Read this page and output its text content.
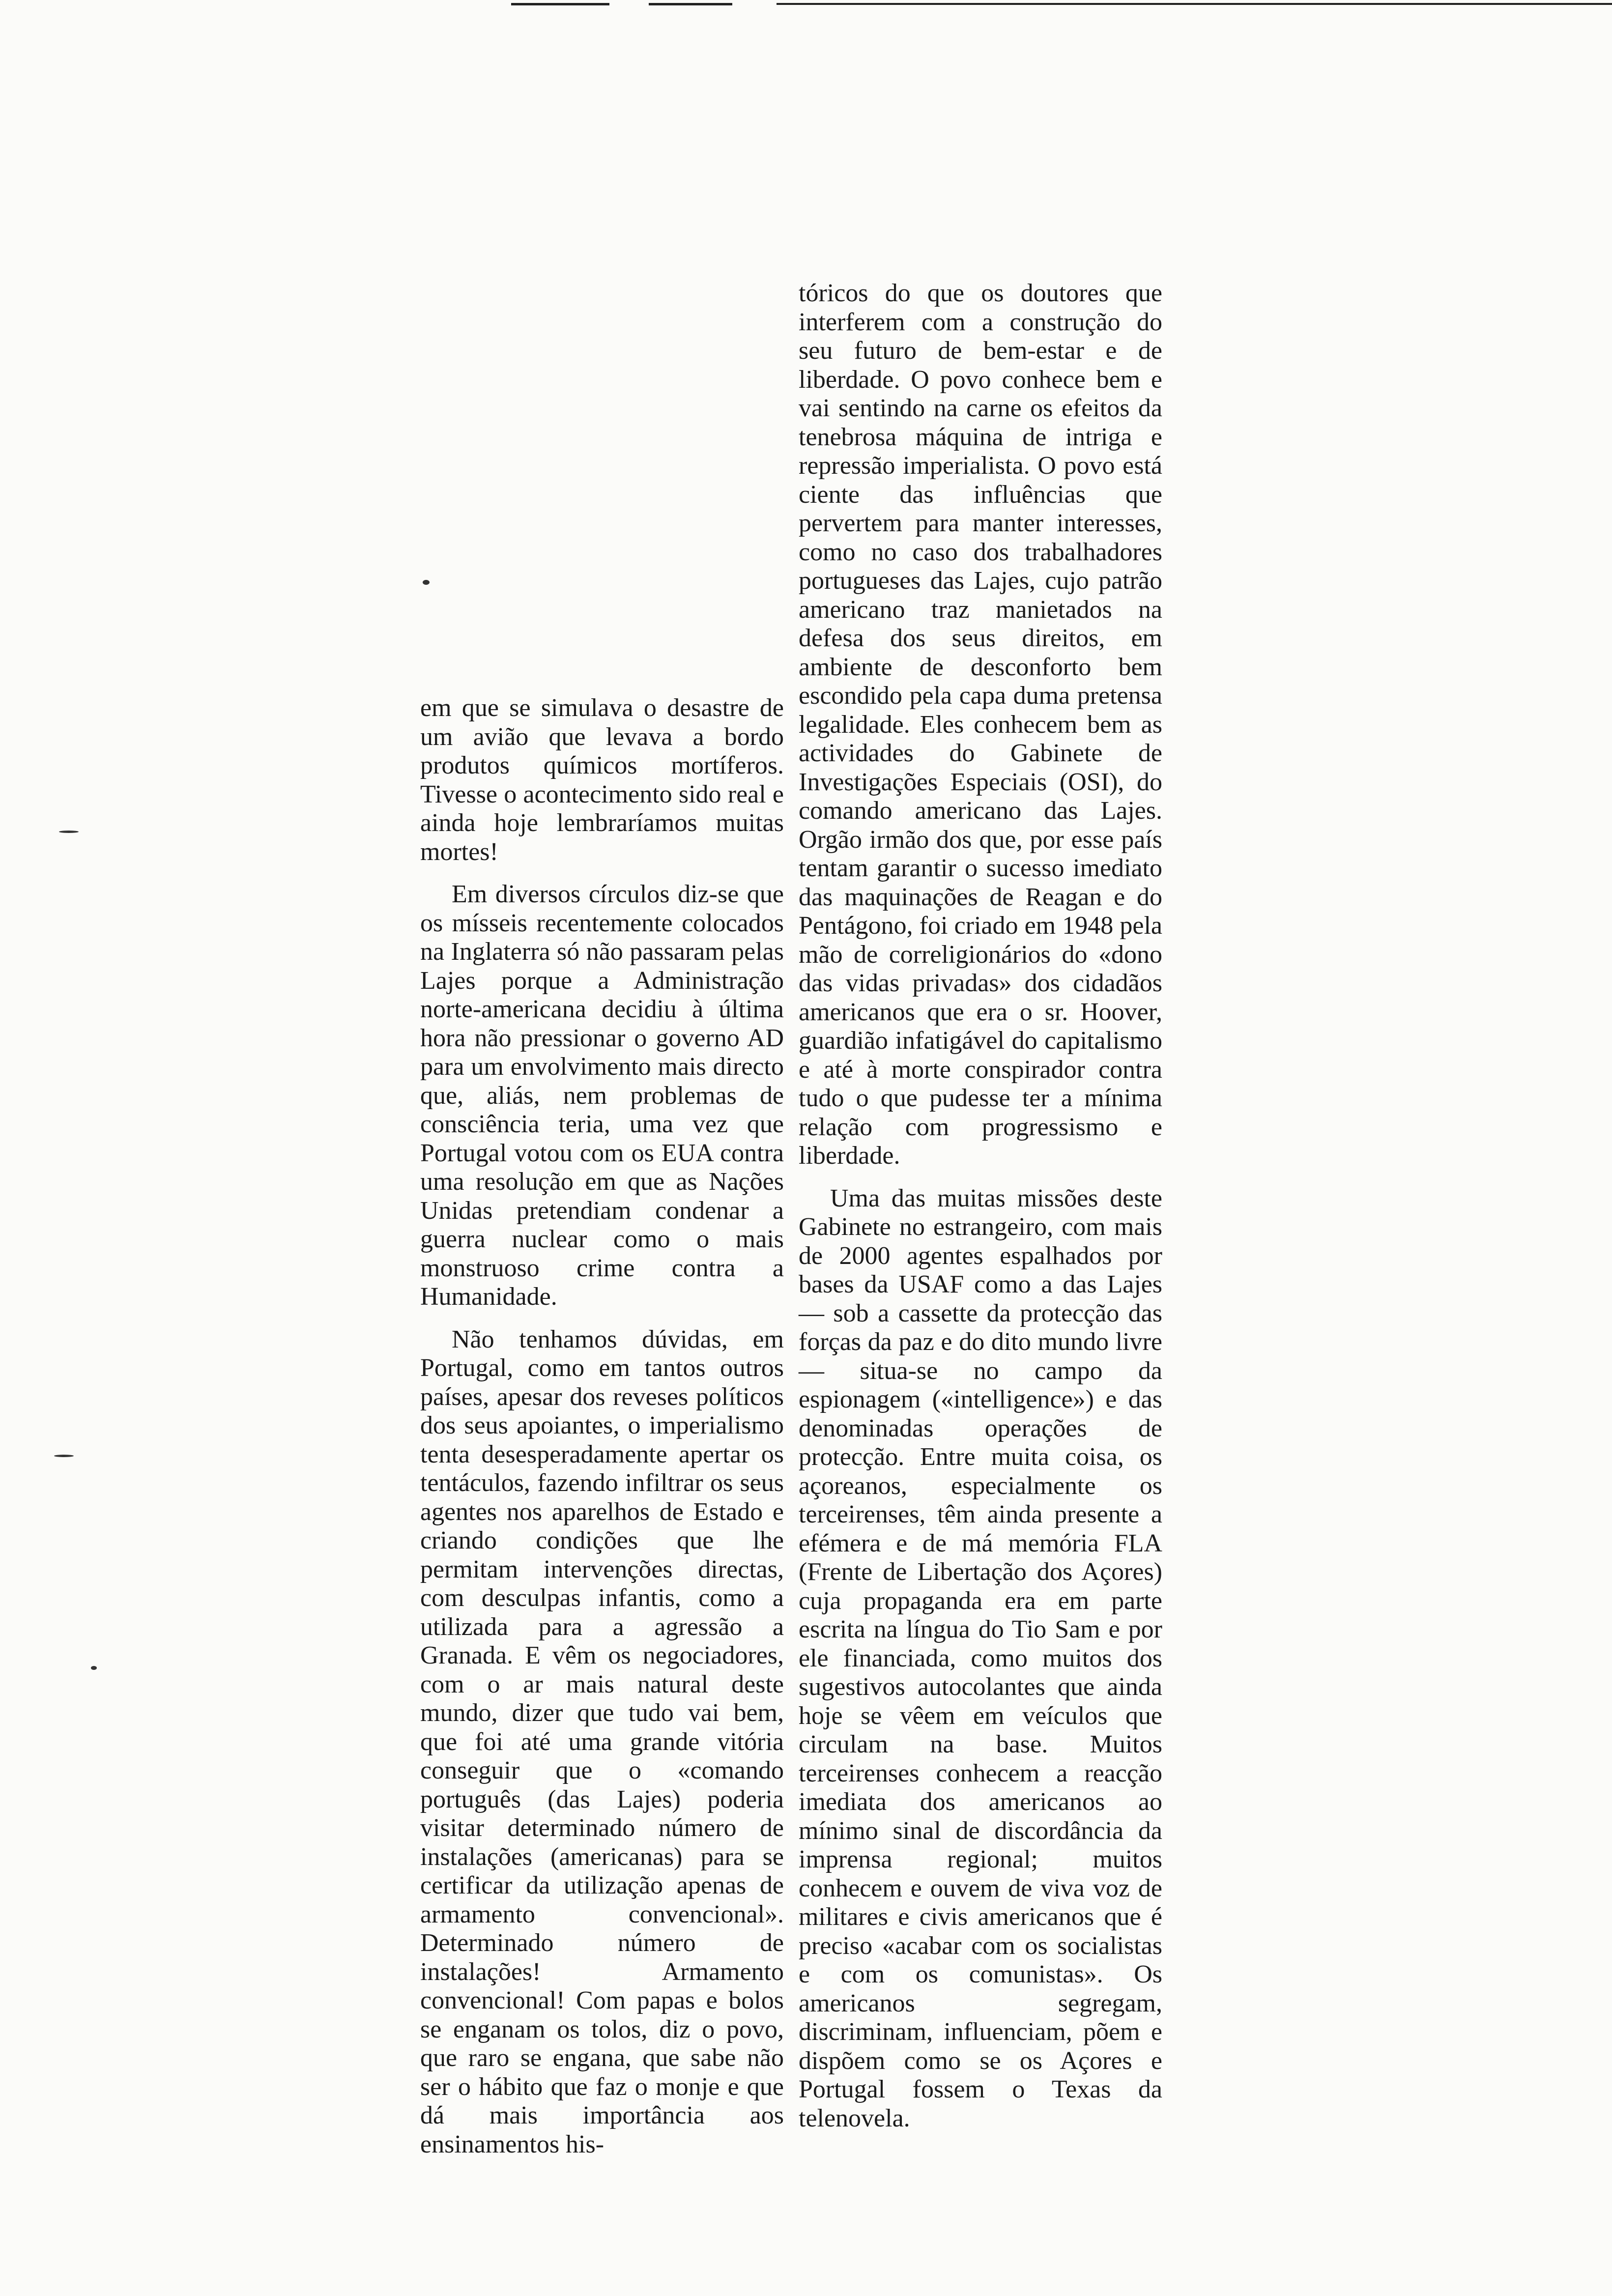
em que se simulava o desastre de um avião que levava a bordo produtos químicos mortíferos. Tivesse o acontecimento sido real e ainda hoje lembraríamos muitas mortes!

Em diversos círculos diz-se que os mísseis recentemente colocados na Inglaterra só não passaram pelas Lajes porque a Administração norte-americana decidiu à última hora não pressionar o governo AD para um envolvimento mais directo que, aliás, nem problemas de consciência teria, uma vez que Portugal votou com os EUA contra uma resolução em que as Nações Unidas pretendiam condenar a guerra nuclear como o mais monstruoso crime contra a Humanidade.

Não tenhamos dúvidas, em Portugal, como em tantos outros países, apesar dos reveses políticos dos seus apoiantes, o imperialismo tenta desesperadamente apertar os tentáculos, fazendo infiltrar os seus agentes nos aparelhos de Estado e criando condições que lhe permitam intervenções directas, com desculpas infantis, como a utilizada para a agressão a Granada. E vêm os negociadores, com o ar mais natural deste mundo, dizer que tudo vai bem, que foi até uma grande vitória conseguir que o «comando português (das Lajes) poderia visitar determinado número de instalações (americanas) para se certificar da utilização apenas de armamento convencional». Determinado número de instalações! Armamento convencional! Com papas e bolos se enganam os tolos, diz o povo, que raro se engana, que sabe não ser o hábito que faz o monje e que dá mais importância aos ensinamentos his-

tóricos do que os doutores que interferem com a construção do seu futuro de bem-estar e de liberdade. O povo conhece bem e vai sentindo na carne os efeitos da tenebrosa máquina de intriga e repressão imperialista. O povo está ciente das influências que pervertem para manter interesses, como no caso dos trabalhadores portugueses das Lajes, cujo patrão americano traz manietados na defesa dos seus direitos, em ambiente de desconforto bem escondido pela capa duma pretensa legalidade. Eles conhecem bem as actividades do Gabinete de Investigações Especiais (OSI), do comando americano das Lajes. Orgão irmão dos que, por esse país tentam garantir o sucesso imediato das maquinações de Reagan e do Pentágono, foi criado em 1948 pela mão de correligionários do «dono das vidas privadas» dos cidadãos americanos que era o sr. Hoover, guardião infatigável do capitalismo e até à morte conspirador contra tudo o que pudesse ter a mínima relação com progressismo e liberdade.

Uma das muitas missões deste Gabinete no estrangeiro, com mais de 2000 agentes espalhados por bases da USAF como a das Lajes — sob a cassette da protecção das forças da paz e do dito mundo livre — situa-se no campo da espionagem («intelligence») e das denominadas operações de protecção. Entre muita coisa, os açoreanos, especialmente os terceirenses, têm ainda presente a efémera e de má memória FLA (Frente de Libertação dos Açores) cuja propaganda era em parte escrita na língua do Tio Sam e por ele financiada, como muitos dos sugestivos autocolantes que ainda hoje se vêem em veículos que circulam na base. Muitos terceirenses conhecem a reacção imediata dos americanos ao mínimo sinal de discordância da imprensa regional; muitos conhecem e ouvem de viva voz de militares e civis americanos que é preciso «acabar com os socialistas e com os comunistas». Os americanos segregam, discriminam, influenciam, põem e dispõem como se os Açores e Portugal fossem o Texas da telenovela.
